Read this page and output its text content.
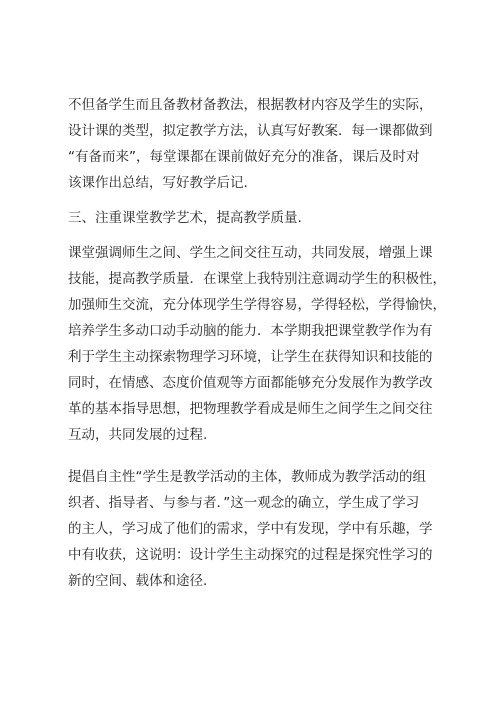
不但备学生而且备教材备教法，根据教材内容及学生的实际，
设计课的类型，拟定教学方法，认真写好教案．每一课都做到
“有备而来”，每堂课都在课前做好充分的准备，课后及时对
该课作出总结，写好教学后记.
三、注重课堂教学艺术，提高教学质量.
课堂强调师生之间、学生之间交往互动，共同发展，增强上课
技能，提高教学质量．在课堂上我特别注意调动学生的积极性，
加强师生交流，充分体现学生学得容易，学得轻松，学得愉快，
培养学生多动口动手动脑的能力．本学期我把课堂教学作为有
利于学生主动探索物理学习环境，让学生在获得知识和技能的
同时，在情感、态度价值观等方面都能够充分发展作为教学改
革的基本指导思想，把物理教学看成是师生之间学生之间交往
互动，共同发展的过程.
提倡自主性“学生是教学活动的主体，教师成为教学活动的组
织者、指导者、与参与者．”这一观念的确立，学生成了学习
的主人，学习成了他们的需求，学中有发现，学中有乐趣，学
中有收获，这说明：设计学生主动探究的过程是探究性学习的
新的空间、载体和途径.
